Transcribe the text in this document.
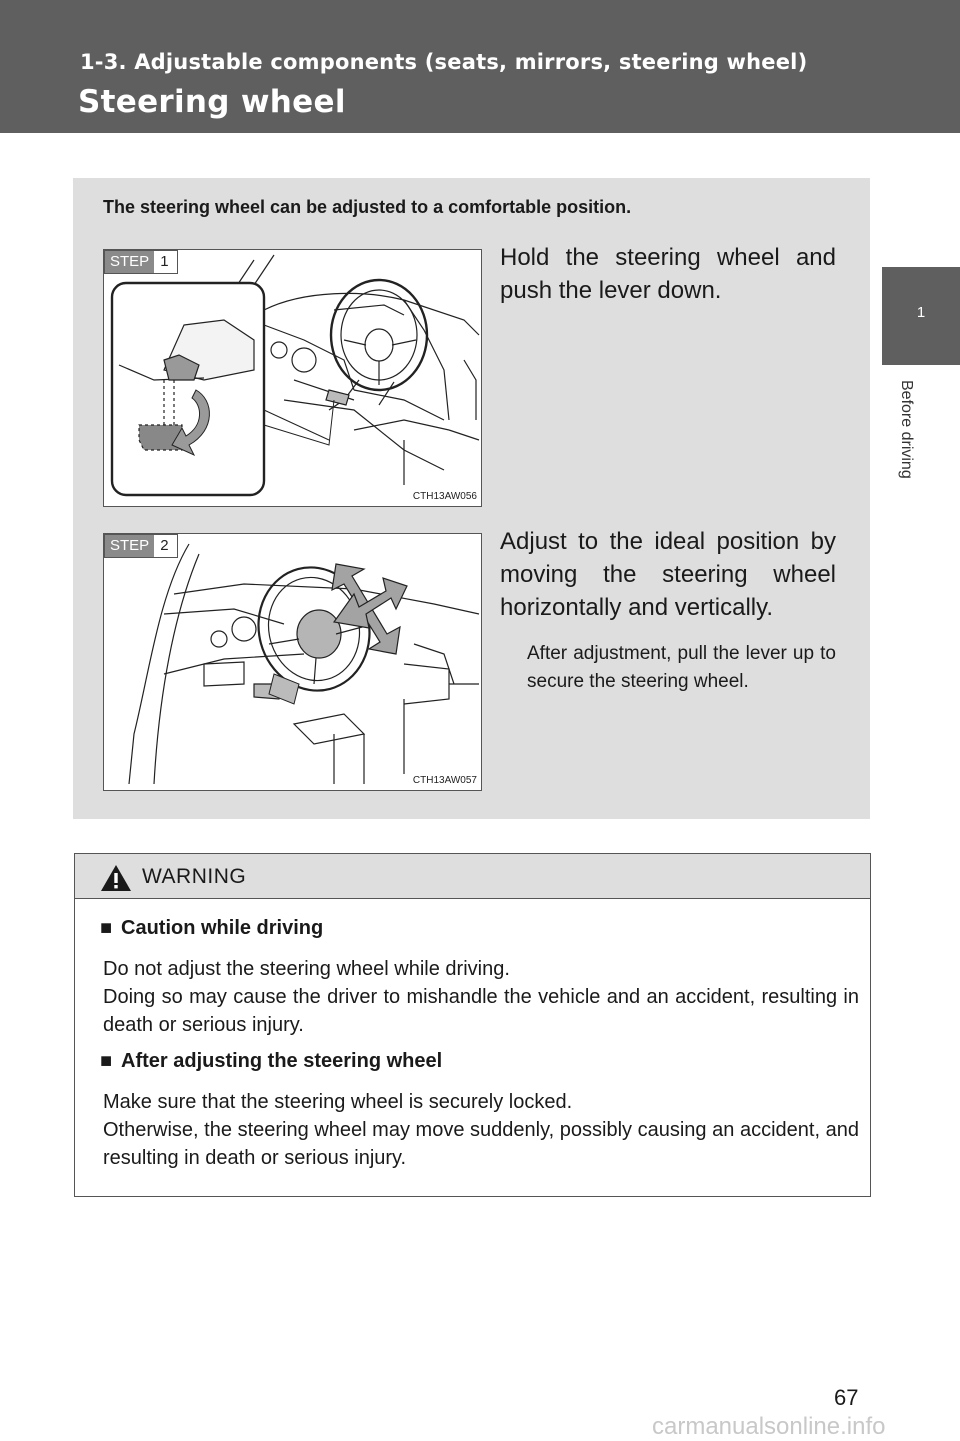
1-3. Adjustable components (seats, mirrors, steering wheel)
Steering wheel
1
Before driving

The steering wheel can be adjusted to a comfortable position.

STEP 1
CTH13AW056

Hold the steering wheel and push the lever down.

STEP 2
CTH13AW057

Adjust to the ideal position by moving the steering wheel horizontally and vertically.

After adjustment, pull the lever up to secure the steering wheel.

WARNING

■ Caution while driving

Do not adjust the steering wheel while driving.
Doing so may cause the driver to mishandle the vehicle and an accident, resulting in death or serious injury.

■ After adjusting the steering wheel

Make sure that the steering wheel is securely locked.
Otherwise, the steering wheel may move suddenly, possibly causing an accident, and resulting in death or serious injury.

67
carmanualsonline.info
